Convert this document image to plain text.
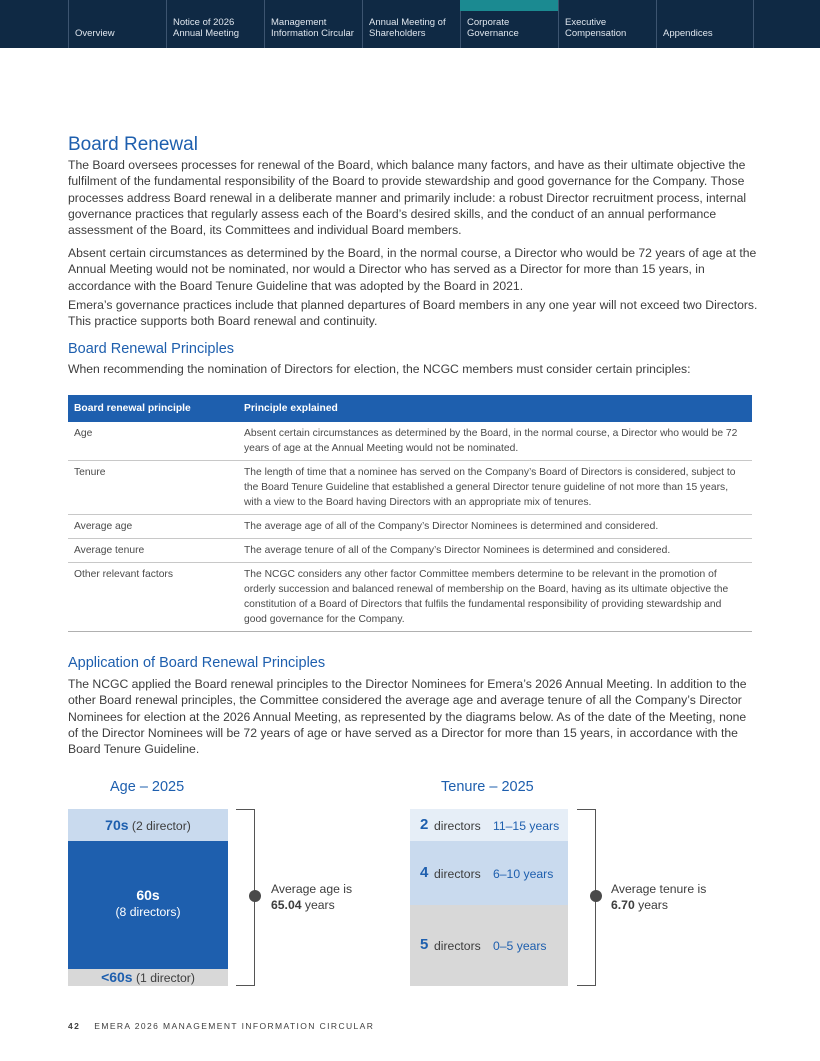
Overview
Notice of 2026
Annual Meeting
Management
Information Circular
Annual Meeting of
Shareholders
Corporate
Governance
Executive
Compensation	Appendices
Board Renewal

The Board oversees processes for renewal of the Board, which balance many factors, and have as their ultimate objective the fulfilment of the fundamental responsibility of the Board to provide stewardship and good governance for the Company. Those processes address Board renewal in a deliberate manner and primarily include: a robust Director recruitment process, internal governance practices that regularly assess each of the Board’s desired skills, and the conduct of an annual performance assessment of the Board, its Committees and individual Board members.

Absent certain circumstances as determined by the Board, in the normal course, a Director who would be 72 years of age at the Annual Meeting would not be nominated, nor would a Director who has served as a Director for more than 15 years, in accordance with the Board Tenure Guideline that was adopted by the Board in 2021.

Emera’s governance practices include that planned departures of Board members in any one year will not exceed two Directors. This practice supports both Board renewal and continuity.

Board Renewal Principles

When recommending the nomination of Directors for election, the NCGC members must consider certain principles:

Board renewal principle	Principle explained
Age	Absent certain circumstances as determined by the Board, in the normal course, a Director who would be 72 years of age at the Annual Meeting would not be nominated.
Tenure	The length of time that a nominee has served on the Company’s Board of Directors is considered, subject to the Board Tenure Guideline that established a general Director tenure guideline of not more than 15 years, with a view to the Board having Directors with an appropriate mix of tenures.
Average age	The average age of all of the Company’s Director Nominees is determined and considered.
Average tenure	The average tenure of all of the Company’s Director Nominees is determined and considered.
Other relevant factors	The NCGC considers any other factor Committee members determine to be relevant in the promotion of orderly succession and balanced renewal of membership on the Board, having as its ultimate objective the constitution of a Board of Directors that fulfils the fundamental responsibility of providing stewardship and good governance for the Company.
Application of Board Renewal Principles

The NCGC applied the Board renewal principles to the Director Nominees for Emera’s 2026 Annual Meeting. In addition to the other Board renewal principles, the Committee considered the average age and average tenure of all the Company’s Director Nominees for election at the 2026 Annual Meeting, as represented by the diagrams below. As of the date of the Meeting, none of the Director Nominees will be 72 years of age or have served as a Director for more than 15 years, in accordance with the Board Tenure Guideline.

Age – 2025
70s (2 director)
60s
(8 directors)
<60s (1 director)
Average age is
65.04 years
Tenure – 2025
2 directors 11–15 years
4 directors 6–10 years
5 directors 0–5 years
Average tenure is
6.70 years
42 EMERA 2026 MANAGEMENT INFORMATION CIRCULAR
